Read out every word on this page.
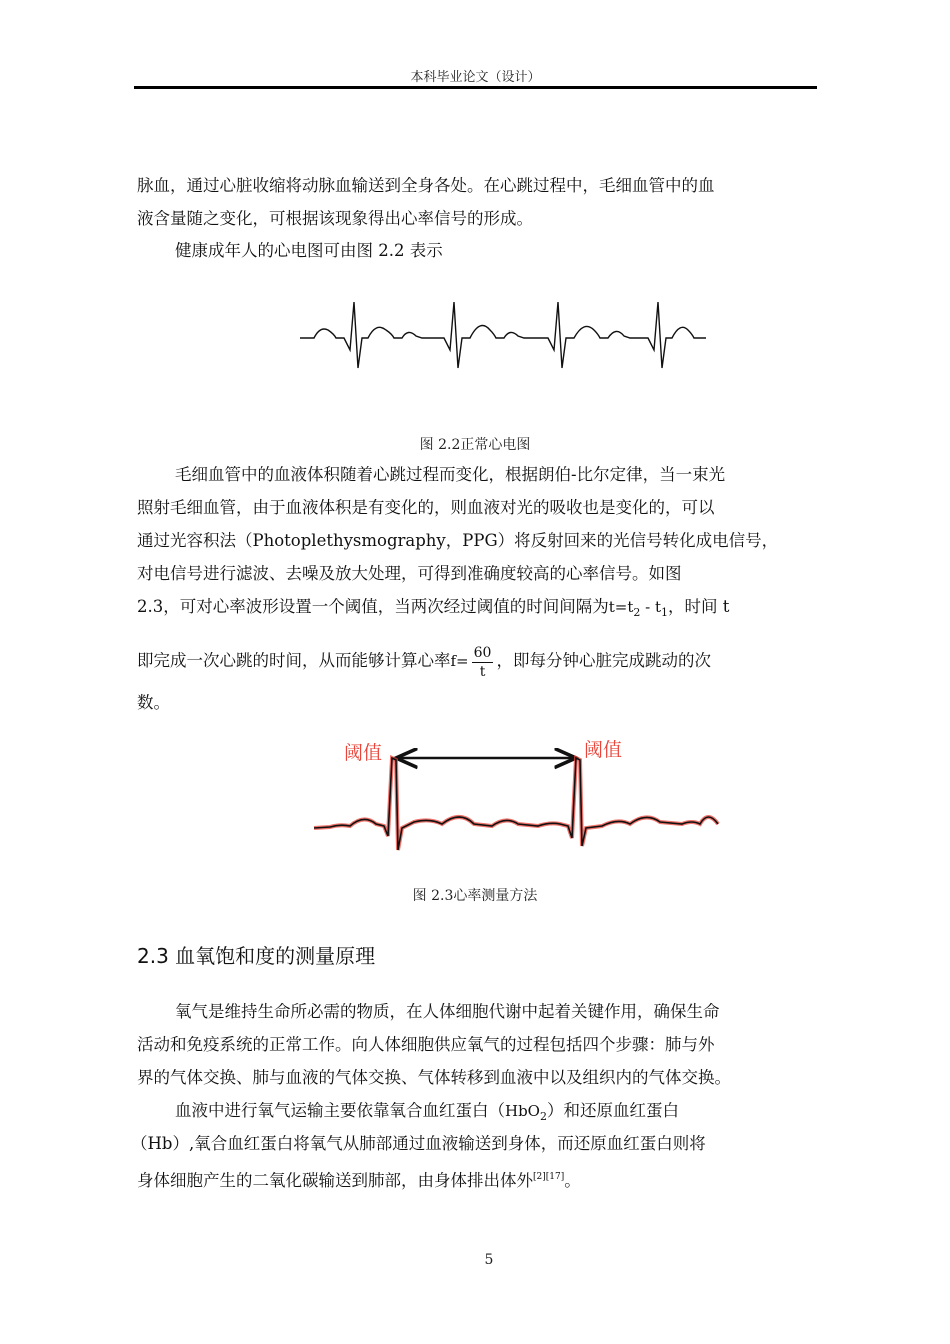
本科毕业论文（设计）
脉血，通过心脏收缩将动脉血输送到全身各处。在心跳过程中，毛细血管中的血
液含量随之变化，可根据该现象得出心率信号的形成。
健康成年人的心电图可由图 2.2 表示
图 2.2正常心电图
毛细血管中的血液体积随着心跳过程而变化，根据朗伯-比尔定律，当一束光
照射毛细血管，由于血液体积是有变化的，则血液对光的吸收也是变化的，可以
通过光容积法（Photoplethysmography，PPG）将反射回来的光信号转化成电信号，
对电信号进行滤波、去噪及放大处理，可得到准确度较高的心率信号。如图
2.3，可对心率波形设置一个阈值，当两次经过阈值的时间间隔为$t=t_2 - t_1$，时间 t
即完成一次心跳的时间，从而能够计算心率$f= \frac{60}{t}$ ，即每分钟心脏完成跳动的次
数。
阈值	阈值
图 2.3心率测量方法
2.3 血氧饱和度的测量原理
氧气是维持生命所必需的物质，在人体细胞代谢中起着关键作用，确保生命
活动和免疫系统的正常工作。向人体细胞供应氧气的过程包括四个步骤：肺与外
界的气体交换、肺与血液的气体交换、气体转移到血液中以及组织内的气体交换。
血液中进行氧气运输主要依靠氧合血红蛋白（HbO$_2$）和还原血红蛋白
（Hb）,氧合血红蛋白将氧气从肺部通过血液输送到身体，而还原血红蛋白则将
身体细胞产生的二氧化碳输送到肺部，由身体排出体外[2][17]。
5
